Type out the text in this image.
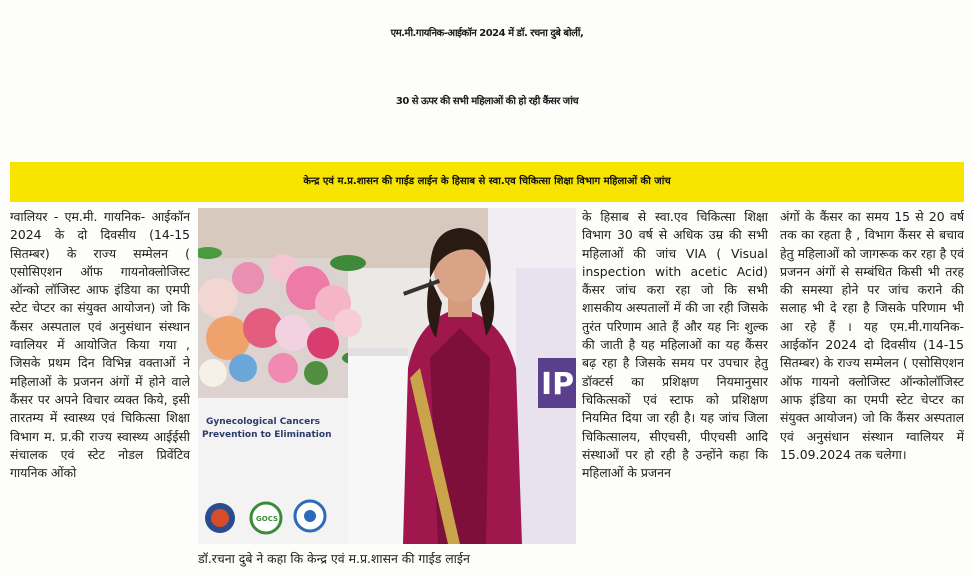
एम.मी.गायनिक-आईकॉन 2024 में डॉ. रचना दुबे बोलीं,
30 से ऊपर की सभी महिलाओं की हो रही कैंसर जांच
केन्द्र एवं म.प्र.शासन की गाईड लाईन के हिसाब से स्वा.एव चिकित्सा शिक्षा विभाग महिलाओं की जांच
ग्वालियर - एम.मी. गायनिक- आईकॉन 2024 के दो दिवसीय (14-15 सितम्बर) के राज्य सम्मेलन ( एसोसिएशन ऑफ गायनोक्लोजिस्ट ऑन्को लॉजिस्ट आफ इंडिया का एमपी स्टेट चेप्टर का संयुक्त आयोजन) जो कि कैंसर अस्पताल एवं अनुसंधान संस्थान ग्वालियर में आयोजित किया गया , जिसके प्रथम दिन विभिन्न वक्ताओं ने महिलाओं के प्रजनन अंगों में होने वाले कैंसर पर अपने विचार व्यक्त किये, इसी तारतम्य में स्वास्थ्य एवं चिकित्सा शिक्षा विभाग म. प्र.की राज्य स्वास्थ्य आईईसी संचालक एवं स्टेट नोडल प्रिवेंटिव गायनिक ओंको
IP
Gynecological Cancers
Prevention to Elimination
GOCS
डॉ.रचना दुबे ने कहा कि केन्द्र एवं म.प्र.शासन की गाईड लाईन
के हिसाब से स्वा.एव चिकित्सा शिक्षा विभाग 30 वर्ष से अधिक उम्र की सभी महिलाओं की जांच VIA ( Visual inspection with acetic Acid) कैंसर जांच करा रहा जो कि सभी शासकीय अस्पतालों में की जा रही जिसके तुरंत परिणाम आते हैं और यह निः शुल्क की जाती है यह महिलाओं का यह कैंसर बढ़ रहा है जिसके समय पर उपचार हेतु डॉक्टर्स का प्रशिक्षण नियमानुसार चिकित्सकों एवं स्टाफ को प्रशिक्षण नियमित दिया जा रही है। यह जांच जिला चिकित्सालय, सीएचसी, पीएचसी आदि संस्थाओं पर हो रही है उन्होंने कहा कि महिलाओं के प्रजनन
अंगों के कैंसर का समय 15 से 20 वर्ष तक का रहता है , विभाग कैंसर से बचाव हेतु महिलाओं को जागरूक कर रहा है एवं प्रजनन अंगों से सम्बंधित किसी भी तरह की समस्या होने पर जांच कराने की सलाह भी दे रहा है जिसके परिणाम भी आ रहे हैं । यह एम.मी.गायनिक- आईकॉन 2024 दो दिवसीय (14-15 सितम्बर) के राज्य सम्मेलन ( एसोसिएशन ऑफ गायनो क्लोजिस्ट ऑन्कोलॉजिस्ट आफ इंडिया का एमपी स्टेट चेप्टर का संयुक्त आयोजन) जो कि कैंसर अस्पताल एवं अनुसंधान संस्थान ग्वालियर में 15.09.2024 तक चलेगा।
